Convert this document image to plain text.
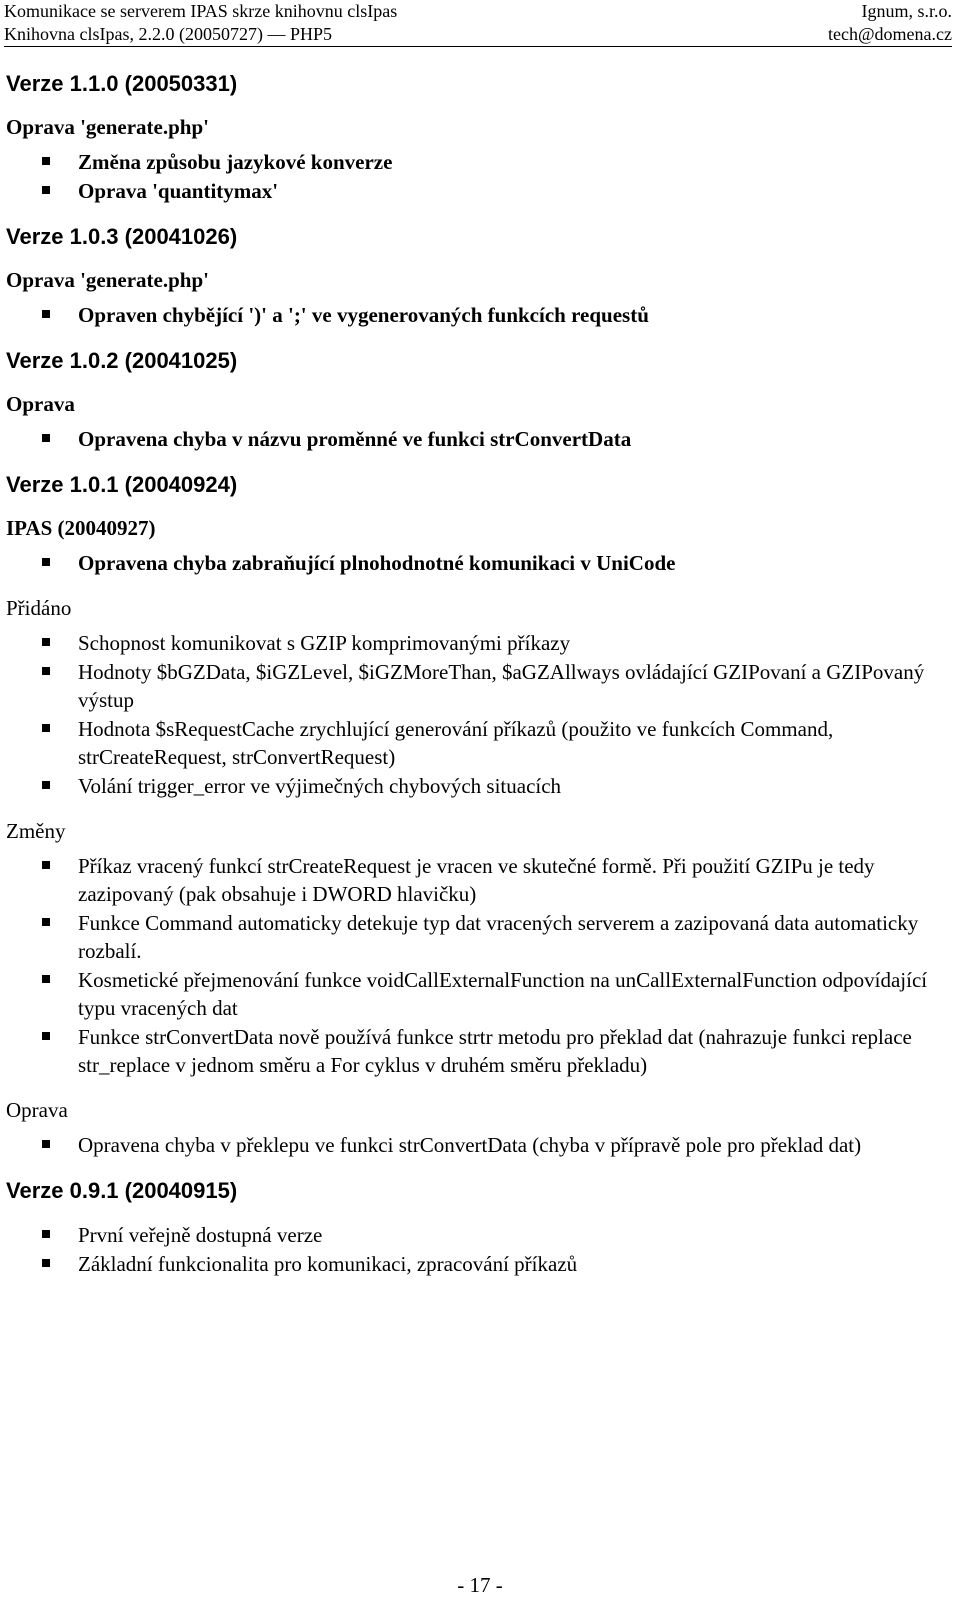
Komunikace se serverem IPAS skrze knihovnu clsIpas	Ignum, s.r.o.
Knihovna clsIpas, 2.2.0 (20050727) — PHP5	tech@domena.cz
Verze 1.1.0 (20050331)
Oprava 'generate.php'
Změna způsobu jazykové konverze
Oprava 'quantitymax'
Verze 1.0.3 (20041026)
Oprava 'generate.php'
Opraven chybějící ')' a ';' ve vygenerovaných funkcích requestů
Verze 1.0.2 (20041025)
Oprava
Opravena chyba v názvu proměnné ve funkci strConvertData
Verze 1.0.1 (20040924)
IPAS (20040927)
Opravena chyba zabraňující plnohodnotné komunikaci v UniCode
Přidáno
Schopnost komunikovat s GZIP komprimovanými příkazy
Hodnoty $bGZData, $iGZLevel, $iGZMoreThan, $aGZAllways ovládající GZIPovaní a GZIPovaný výstup
Hodnota $sRequestCache zrychlující generování příkazů (použito ve funkcích Command, strCreateRequest, strConvertRequest)
Volání trigger_error ve výjimečných chybových situacích
Změny
Příkaz vracený funkcí strCreateRequest je vracen ve skutečné formě. Při použití GZIPu je tedy zazipovaný (pak obsahuje i DWORD hlavičku)
Funkce Command automaticky detekuje typ dat vracených serverem a zazipovaná data automaticky rozbalí.
Kosmetické přejmenování funkce voidCallExternalFunction na unCallExternalFunction odpovídající typu vracených dat
Funkce strConvertData nově používá funkce strtr metodu pro překlad dat (nahrazuje funkci replace str_replace v jednom směru a For cyklus v druhém směru překladu)
Oprava
Opravena chyba v překlepu ve funkci strConvertData (chyba v přípravě pole pro překlad dat)
Verze 0.9.1 (20040915)
První veřejně dostupná verze
Základní funkcionalita pro komunikaci, zpracování příkazů
- 17 -
